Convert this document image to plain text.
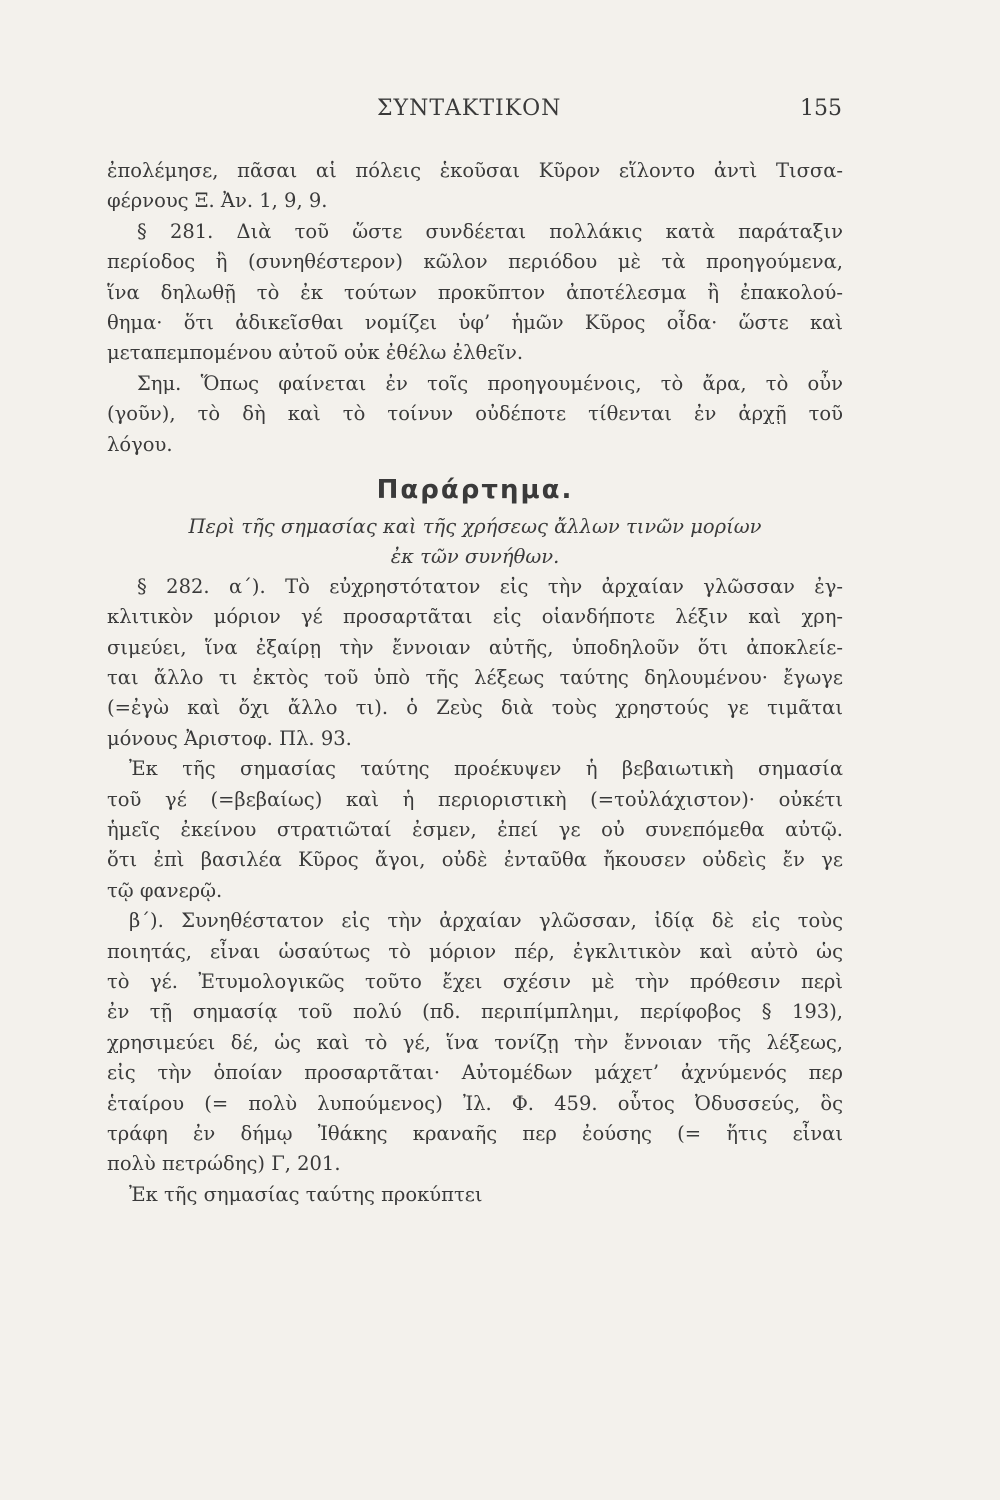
ΣΥΝΤΑΚΤΙΚΟΝ	155
ἐπολέμησε, πᾶσαι αἱ πόλεις ἑκοῦσαι Κῦρον εἵλοντο ἀντὶ Τισσα-
φέρνους Ξ. Ἀν. 1, 9, 9.
§ 281. Διὰ τοῦ ὥστε συνδέεται πολλάκις κατὰ παράταξιν
περίοδος ἢ (συνηθέστερον) κῶλον περιόδου μὲ τὰ προηγούμενα,
ἵνα δηλωθῇ τὸ ἐκ τούτων προκῦπτον ἀποτέλεσμα ἢ ἐπακολού-
θημα· ὅτι ἀδικεῖσθαι νομίζει ὑφ’ ἡμῶν Κῦρος οἶδα· ὥστε καὶ
μεταπεμπομένου αὐτοῦ οὐκ ἐθέλω ἐλθεῖν.
Σημ. Ὅπως φαίνεται ἐν τοῖς προηγουμένοις, τὸ ἄρα, τὸ οὖν
(γοῦν), τὸ δὴ καὶ τὸ τοίνυν οὐδέποτε τίθενται ἐν ἀρχῇ τοῦ
λόγου.
Παράρτημα.
Περὶ τῆς σημασίας καὶ τῆς χρήσεως ἄλλων τινῶν μορίων
ἐκ τῶν συνήθων.
§ 282. α΄). Τὸ εὐχρηστότατον εἰς τὴν ἀρχαίαν γλῶσσαν ἐγ-
κλιτικὸν μόριον γέ προσαρτᾶται εἰς οἱανδήποτε λέξιν καὶ χρη-
σιμεύει, ἵνα ἐξαίρῃ τὴν ἔννοιαν αὐτῆς, ὑποδηλοῦν ὅτι ἀποκλείε-
ται ἄλλο τι ἐκτὸς τοῦ ὑπὸ τῆς λέξεως ταύτης δηλουμένου· ἔγωγε
(=ἐγὼ καὶ ὄχι ἄλλο τι). ὁ Ζεὺς διὰ τοὺς χρηστούς γε τιμᾶται
μόνους Ἀριστοφ. Πλ. 93.
Ἐκ τῆς σημασίας ταύτης προέκυψεν ἡ βεβαιωτικὴ σημασία
τοῦ γέ (=βεβαίως) καὶ ἡ περιοριστικὴ (=τοὐλάχιστον)· οὐκέτι
ἡμεῖς ἐκείνου στρατιῶταί ἐσμεν, ἐπεί γε οὐ συνεπόμεθα αὐτῷ.
ὅτι ἐπὶ βασιλέα Κῦρος ἄγοι, οὐδὲ ἐνταῦθα ἤκουσεν οὐδεὶς ἔν γε
τῷ φανερῷ.
β΄). Συνηθέστατον εἰς τὴν ἀρχαίαν γλῶσσαν, ἰδίᾳ δὲ εἰς τοὺς
ποιητάς, εἶναι ὡσαύτως τὸ μόριον πέρ, ἐγκλιτικὸν καὶ αὐτὸ ὡς
τὸ γέ. Ἐτυμολογικῶς τοῦτο ἔχει σχέσιν μὲ τὴν πρόθεσιν περὶ
ἐν τῇ σημασίᾳ τοῦ πολύ (πδ. περιπίμπλημι, περίφοβος § 193),
χρησιμεύει δέ, ὡς καὶ τὸ γέ, ἵνα τονίζῃ τὴν ἔννοιαν τῆς λέξεως,
εἰς τὴν ὁποίαν προσαρτᾶται· Αὐτομέδων μάχετ’ ἀχνύμενός περ
ἑταίρου (= πολὺ λυπούμενος) Ἰλ. Φ. 459. οὗτος Ὀδυσσεύς, ὃς
τράφη ἐν δήμῳ Ἰθάκης κραναῆς περ ἐούσης (= ἥτις εἶναι
πολὺ πετρώδης) Γ, 201.
Ἐκ τῆς σημασίας ταύτης προκύπτει
